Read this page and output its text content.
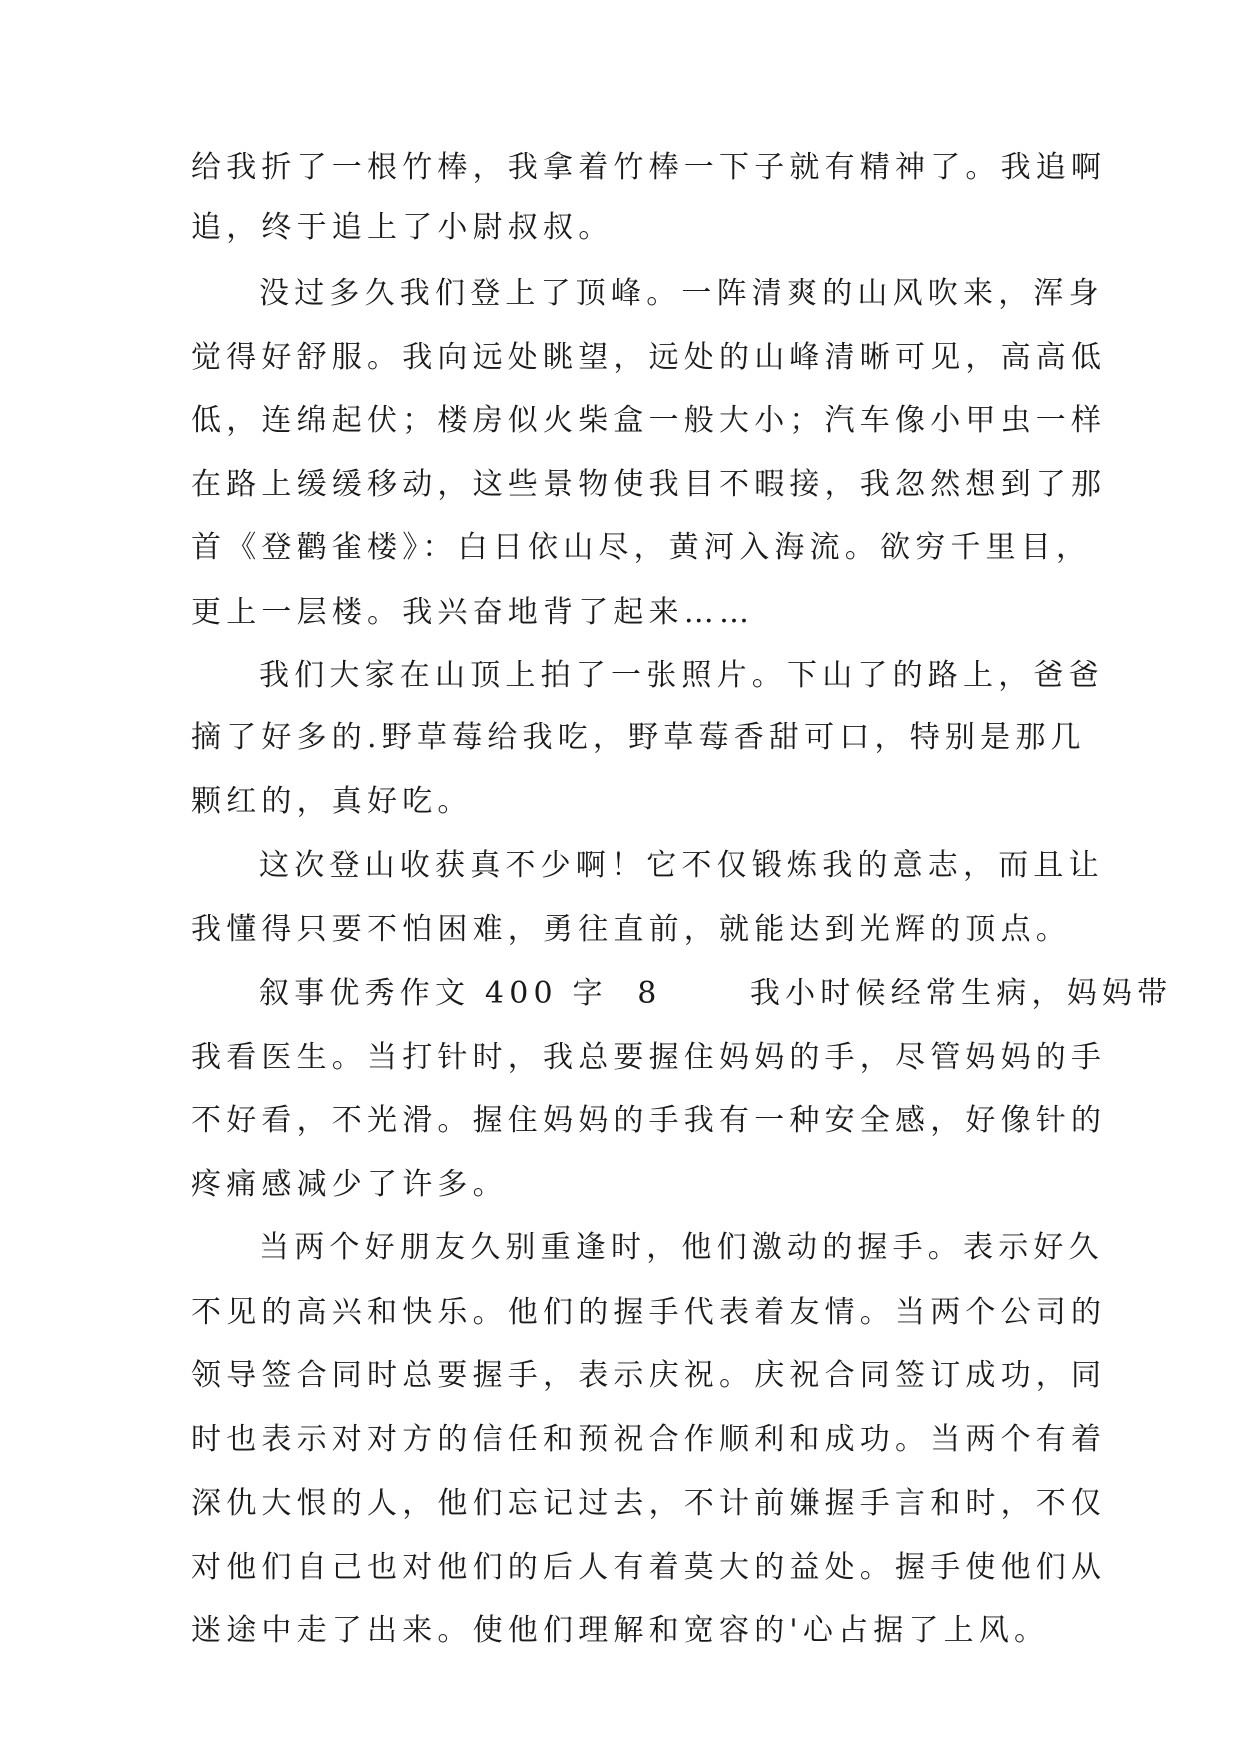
给我折了一根竹棒，我拿着竹棒一下子就有精神了。我追啊
追，终于追上了小尉叔叔。
没过多久我们登上了顶峰。一阵清爽的山风吹来，浑身
觉得好舒服。我向远处眺望，远处的山峰清晰可见，高高低
低，连绵起伏；楼房似火柴盒一般大小；汽车像小甲虫一样
在路上缓缓移动，这些景物使我目不暇接，我忽然想到了那
首《登鹳雀楼》：白日依山尽，黄河入海流。欲穷千里目，
更上一层楼。我兴奋地背了起来……
我们大家在山顶上拍了一张照片。下山了的路上，爸爸
摘了好多的.野草莓给我吃，野草莓香甜可口，特别是那几
颗红的，真好吃。
这次登山收获真不少啊！它不仅锻炼我的意志，而且让
我懂得只要不怕困难，勇往直前，就能达到光辉的顶点。
叙事优秀作文 400 字  8      我小时候经常生病，妈妈带
我看医生。当打针时，我总要握住妈妈的手，尽管妈妈的手
不好看，不光滑。握住妈妈的手我有一种安全感，好像针的
疼痛感减少了许多。
当两个好朋友久别重逢时，他们激动的握手。表示好久
不见的高兴和快乐。他们的握手代表着友情。当两个公司的
领导签合同时总要握手，表示庆祝。庆祝合同签订成功，同
时也表示对对方的信任和预祝合作顺利和成功。当两个有着
深仇大恨的人，他们忘记过去，不计前嫌握手言和时，不仅
对他们自己也对他们的后人有着莫大的益处。握手使他们从
迷途中走了出来。使他们理解和宽容的'心占据了上风。
